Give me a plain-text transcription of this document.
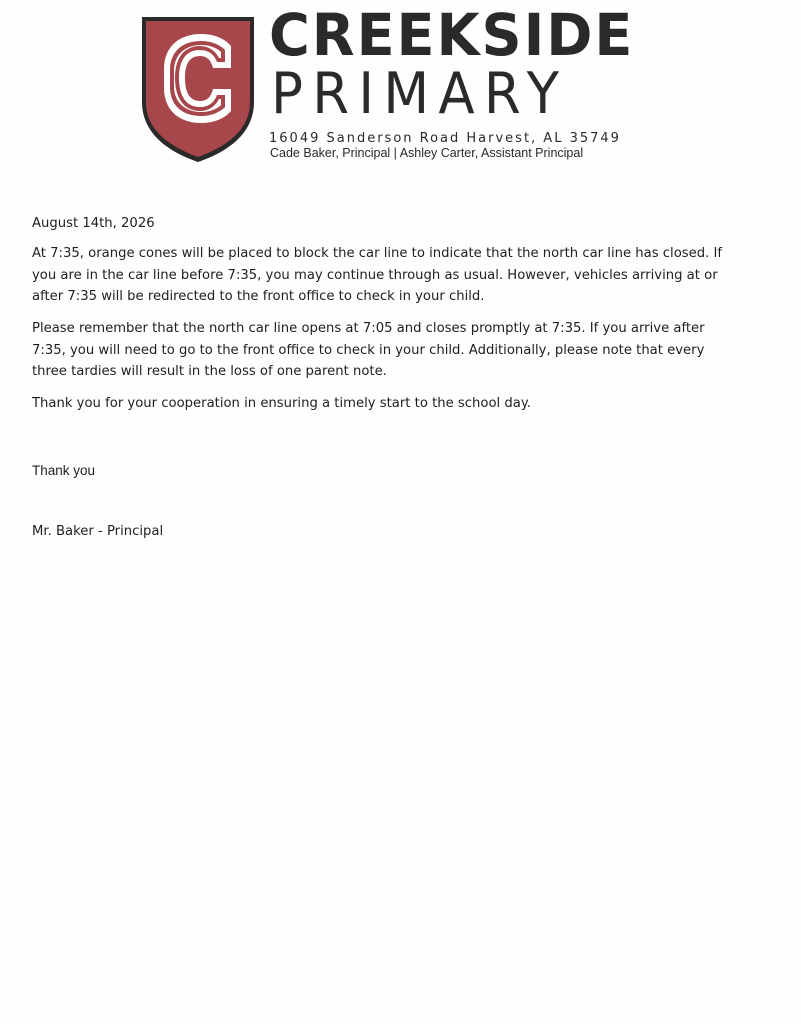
CREEKSIDE
PRIMARY
16049 Sanderson Road Harvest, AL 35749
Cade Baker, Principal | Ashley Carter, Assistant Principal
August 14th, 2026
At 7:35, orange cones will be placed to block the car line to indicate that the north car line has closed. If you are in the car line before 7:35, you may continue through as usual. However, vehicles arriving at or after 7:35 will be redirected to the front office to check in your child.
Please remember that the north car line opens at 7:05 and closes promptly at 7:35. If you arrive after 7:35, you will need to go to the front office to check in your child. Additionally, please note that every three tardies will result in the loss of one parent note.
Thank you for your cooperation in ensuring a timely start to the school day.
Thank you
Mr. Baker - Principal
